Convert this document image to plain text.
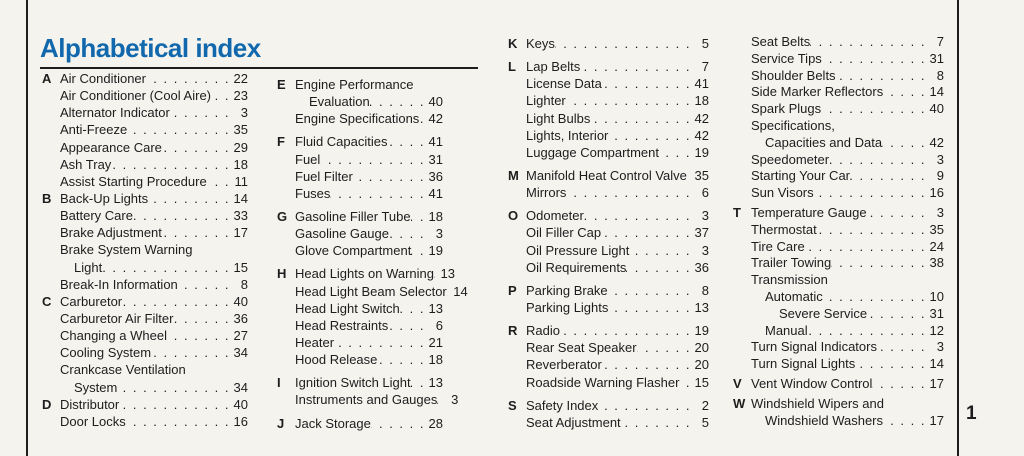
Alphabetical index
A Air Conditioner . . .	22
Air Conditioner (Cool Aire) . . . 23
Alternator Indicator . . .	3
Anti-Freeze . . .	35
Appearance Care . . .	29
Ash Tray . . .	18
Assist Starting Procedure . . . 11
B Back-Up Lights . . .	14
Battery Care . . .	33
Brake Adjustment . . .	17
Brake System Warning
Light . . .	15
Break-In Information . . .	8
C Carburetor . . .	40
Carburetor Air Filter . . .	36
Changing a Wheel . . .	27
Cooling System . . .	34
Crankcase Ventilation
System . . .	34
D Distributor . . .	40
Door Locks . . .	16
E Engine Performance
Evaluation . . .	40
Engine Specifications . . . 42
F Fluid Capacities . . .	41
Fuel . . .	31
Fuel Filter . . .	36
Fuses . . .	41
G Gasoline Filler Tube . . . 18
Gasoline Gauge . . .	3
Glove Compartment . . . 19
H Head Lights on Warning . . . 13
Head Light Beam Selector . . . 14
Head Light Switch . . . 13
Head Restraints . . .	6
Heater . . .	21
Hood Release . . .	18
I	Ignition Switch Light . . . 13
Instruments and Gauges . . .	3
J Jack Storage . . .	28
K Keys . . .	5
L Lap Belts . . .	7
License Data . . .	41
Lighter . . .	18
Light Bulbs . . .	42
Lights, Interior . . .	42
Luggage Compartment . . .	19
M Manifold Heat Control Valve 35
Mirrors . . .	6
O Odometer . . .	3
Oil Filler Cap . . .	37
Oil Pressure Light . . .	3
Oil Requirements . . .	36
P Parking Brake . . .	8
Parking Lights . . .	13
R Radio . . .	19
Rear Seat Speaker . . .	20
Reverberator . . .	20
Roadside Warning Flasher . . . 15
S Safety Index . . .	2
Seat Adjustment . . .	5
Seat Belts . . .	7
Service Tips . . .	31
Shoulder Belts . . .	8
Side Marker Reflectors . . .	14
Spark Plugs . . .	40
Specifications,
Capacities and Data . . .	42
Speedometer . . .	3
Starting Your Car . . .	9
Sun Visors . . .	16
T Temperature Gauge . . .	3
Thermostat . . .	35
Tire Care . . .	24
Trailer Towing . . .	38
Transmission
Automatic . . .	10
Severe Service . . .	31
Manual . . .	12
Turn Signal Indicators . . .	3
Turn Signal Lights . . .	14
V Vent Window Control . . .	17
W Windshield Wipers and
Windshield Washers . . .	17 1
